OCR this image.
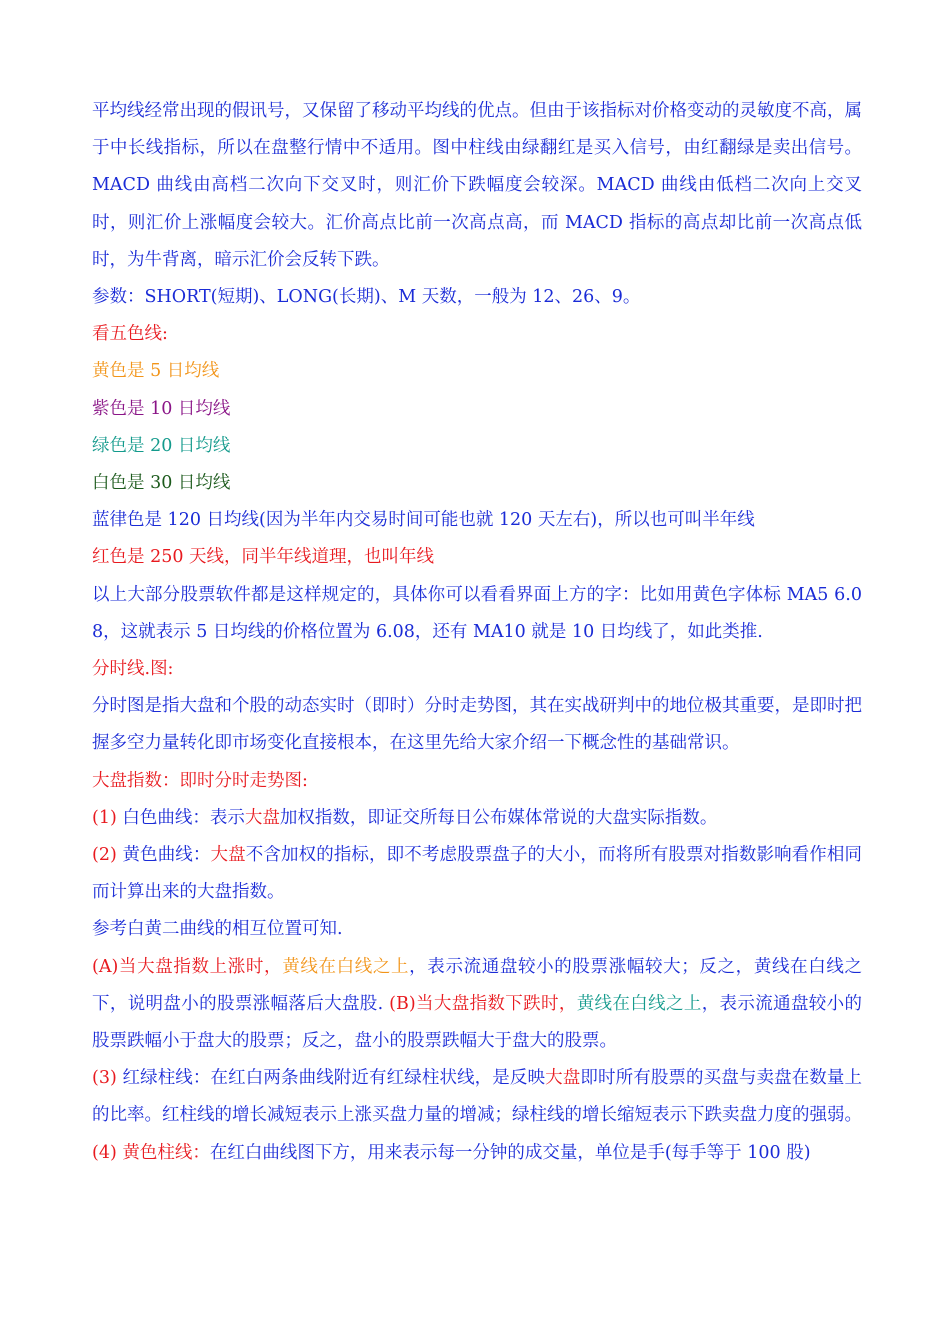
平均线经常出现的假讯号，又保留了移动平均线的优点。但由于该指标对价格变动的灵敏度不高，属于中长线指标，所以在盘整行情中不适用。图中柱线由绿翻红是买入信号，由红翻绿是卖出信号。MACD 曲线由高档二次向下交叉时，则汇价下跌幅度会较深。MACD 曲线由低档二次向上交叉时，则汇价上涨幅度会较大。汇价高点比前一次高点高，而 MACD 指标的高点却比前一次高点低时，为牛背离，暗示汇价会反转下跌。

参数：SHORT(短期)、LONG(长期)、M 天数，一般为 12、26、9。

看五色线:

黄色是 5 日均线

紫色是 10 日均线

绿色是 20 日均线

白色是 30 日均线

蓝律色是 120 日均线(因为半年内交易时间可能也就 120 天左右)，所以也可叫半年线

红色是 250 天线，同半年线道理，也叫年线

以上大部分股票软件都是这样规定的，具体你可以看看界面上方的字：比如用黄色字体标 MA5 6.08，这就表示 5 日均线的价格位置为 6.08，还有 MA10 就是 10 日均线了，如此类推.

分时线.图:

分时图是指大盘和个股的动态实时（即时）分时走势图，其在实战研判中的地位极其重要，是即时把握多空力量转化即市场变化直接根本，在这里先给大家介绍一下概念性的基础常识。

大盘指数：即时分时走势图:

(1) 白色曲线：表示大盘加权指数，即证交所每日公布媒体常说的大盘实际指数。

(2) 黄色曲线：大盘不含加权的指标，即不考虑股票盘子的大小，而将所有股票对指数影响看作相同而计算出来的大盘指数。

参考白黄二曲线的相互位置可知.

(A)当大盘指数上涨时，黄线在白线之上，表示流通盘较小的股票涨幅较大；反之，黄线在白线之下，说明盘小的股票涨幅落后大盘股. (B)当大盘指数下跌时，黄线在白线之上，表示流通盘较小的股票跌幅小于盘大的股票；反之，盘小的股票跌幅大于盘大的股票。

(3) 红绿柱线：在红白两条曲线附近有红绿柱状线，是反映大盘即时所有股票的买盘与卖盘在数量上的比率。红柱线的增长减短表示上涨买盘力量的增减；绿柱线的增长缩短表示下跌卖盘力度的强弱。

(4) 黄色柱线：在红白曲线图下方，用来表示每一分钟的成交量，单位是手(每手等于 100 股)
